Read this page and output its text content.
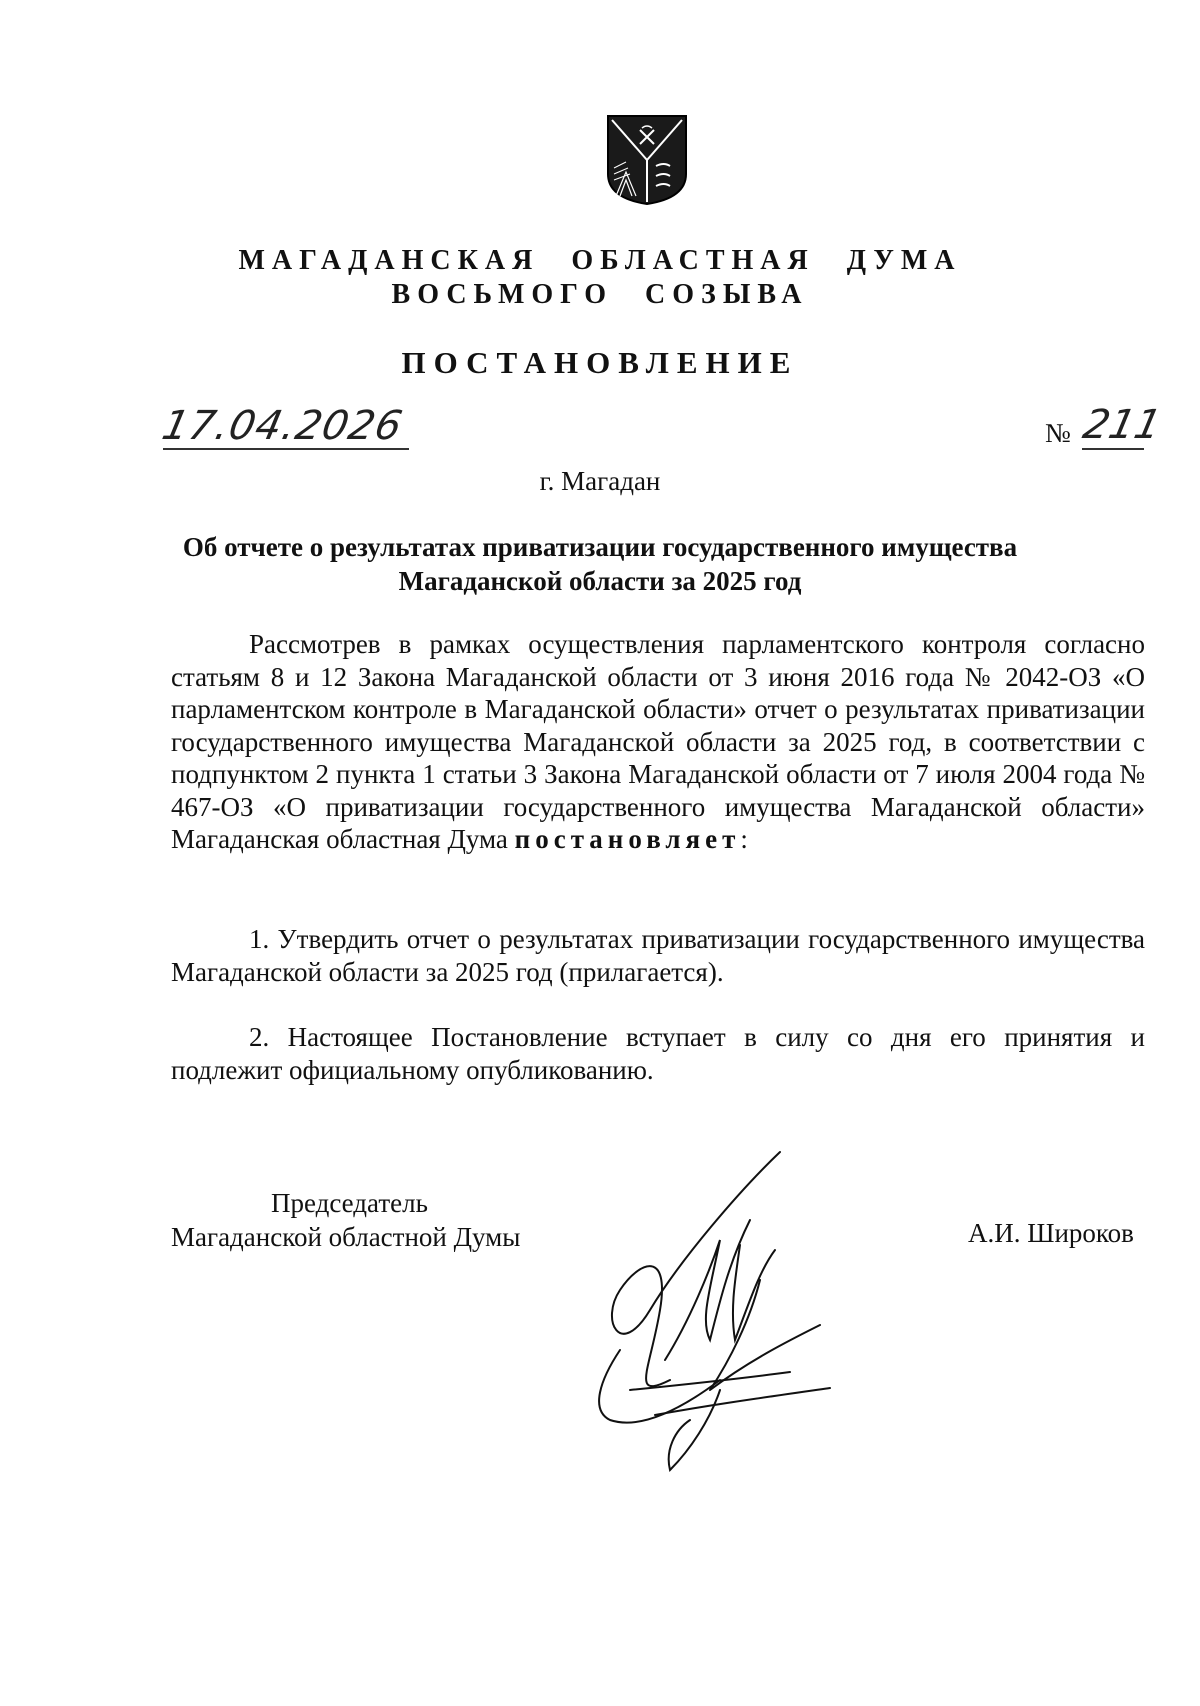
МАГАДАНСКАЯ ОБЛАСТНАЯ ДУМА
ВОСЬМОГО СОЗЫВА
ПОСТАНОВЛЕНИЕ
17.04.2026	№ 211
г. Магадан
Об отчете о результатах приватизации государственного имущества Магаданской области за 2025 год
Рассмотрев в рамках осуществления парламентского контроля согласно статьям 8 и 12 Закона Магаданской области от 3 июня 2016 года № 2042-ОЗ «О парламентском контроле в Магаданской области» отчет о результатах приватизации государственного имущества Магаданской области за 2025 год, в соответствии с подпунктом 2 пункта 1 статьи 3 Закона Магаданской области от 7 июля 2004 года № 467-ОЗ «О приватизации государственного имущества Магаданской области» Магаданская областная Дума постановляет:
1. Утвердить отчет о результатах приватизации государственного имущества Магаданской области за 2025 год (прилагается).
2. Настоящее Постановление вступает в силу со дня его принятия и подлежит официальному опубликованию.
Председатель
Магаданской областной Думы	А.И. Широков
